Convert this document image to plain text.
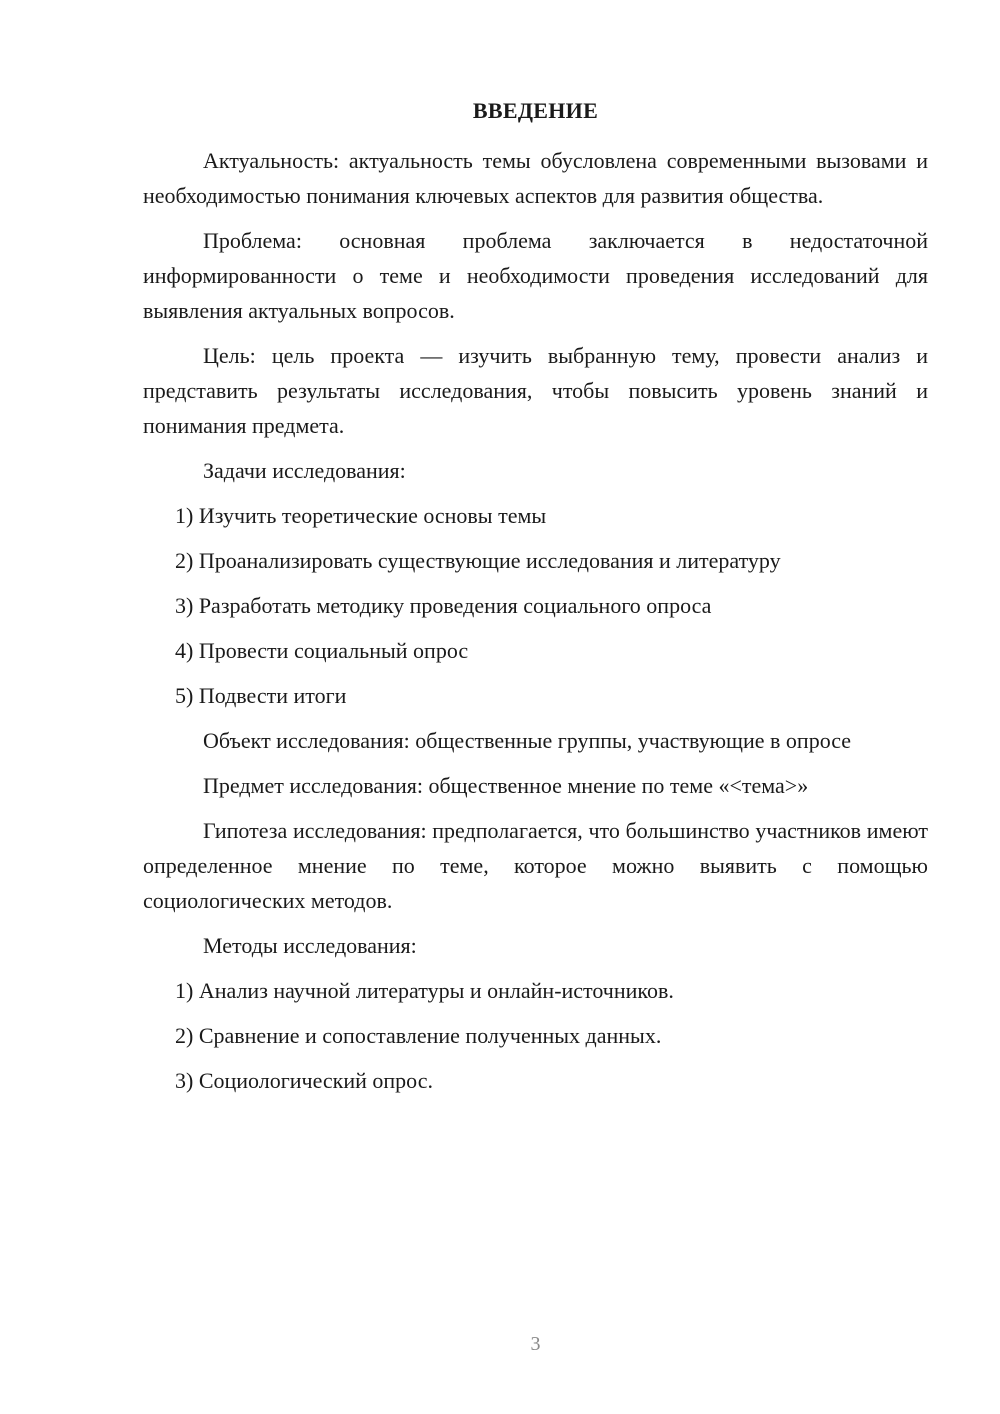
ВВЕДЕНИЕ

Актуальность: актуальность темы обусловлена современными вызовами и необходимостью понимания ключевых аспектов для развития общества.

Проблема: основная проблема заключается в недостаточной информированности о теме и необходимости проведения исследований для выявления актуальных вопросов.

Цель: цель проекта — изучить выбранную тему, провести анализ и представить результаты исследования, чтобы повысить уровень знаний и понимания предмета.

Задачи исследования:

1) Изучить теоретические основы темы

2) Проанализировать существующие исследования и литературу

3) Разработать методику проведения социального опроса

4) Провести социальный опрос

5) Подвести итоги

Объект исследования: общественные группы, участвующие в опросе

Предмет исследования: общественное мнение по теме «<тема>»

Гипотеза исследования: предполагается, что большинство участников имеют определенное мнение по теме, которое можно выявить с помощью социологических методов.

Методы исследования:

1) Анализ научной литературы и онлайн-источников.

2) Сравнение и сопоставление полученных данных.

3) Социологический опрос.

3
